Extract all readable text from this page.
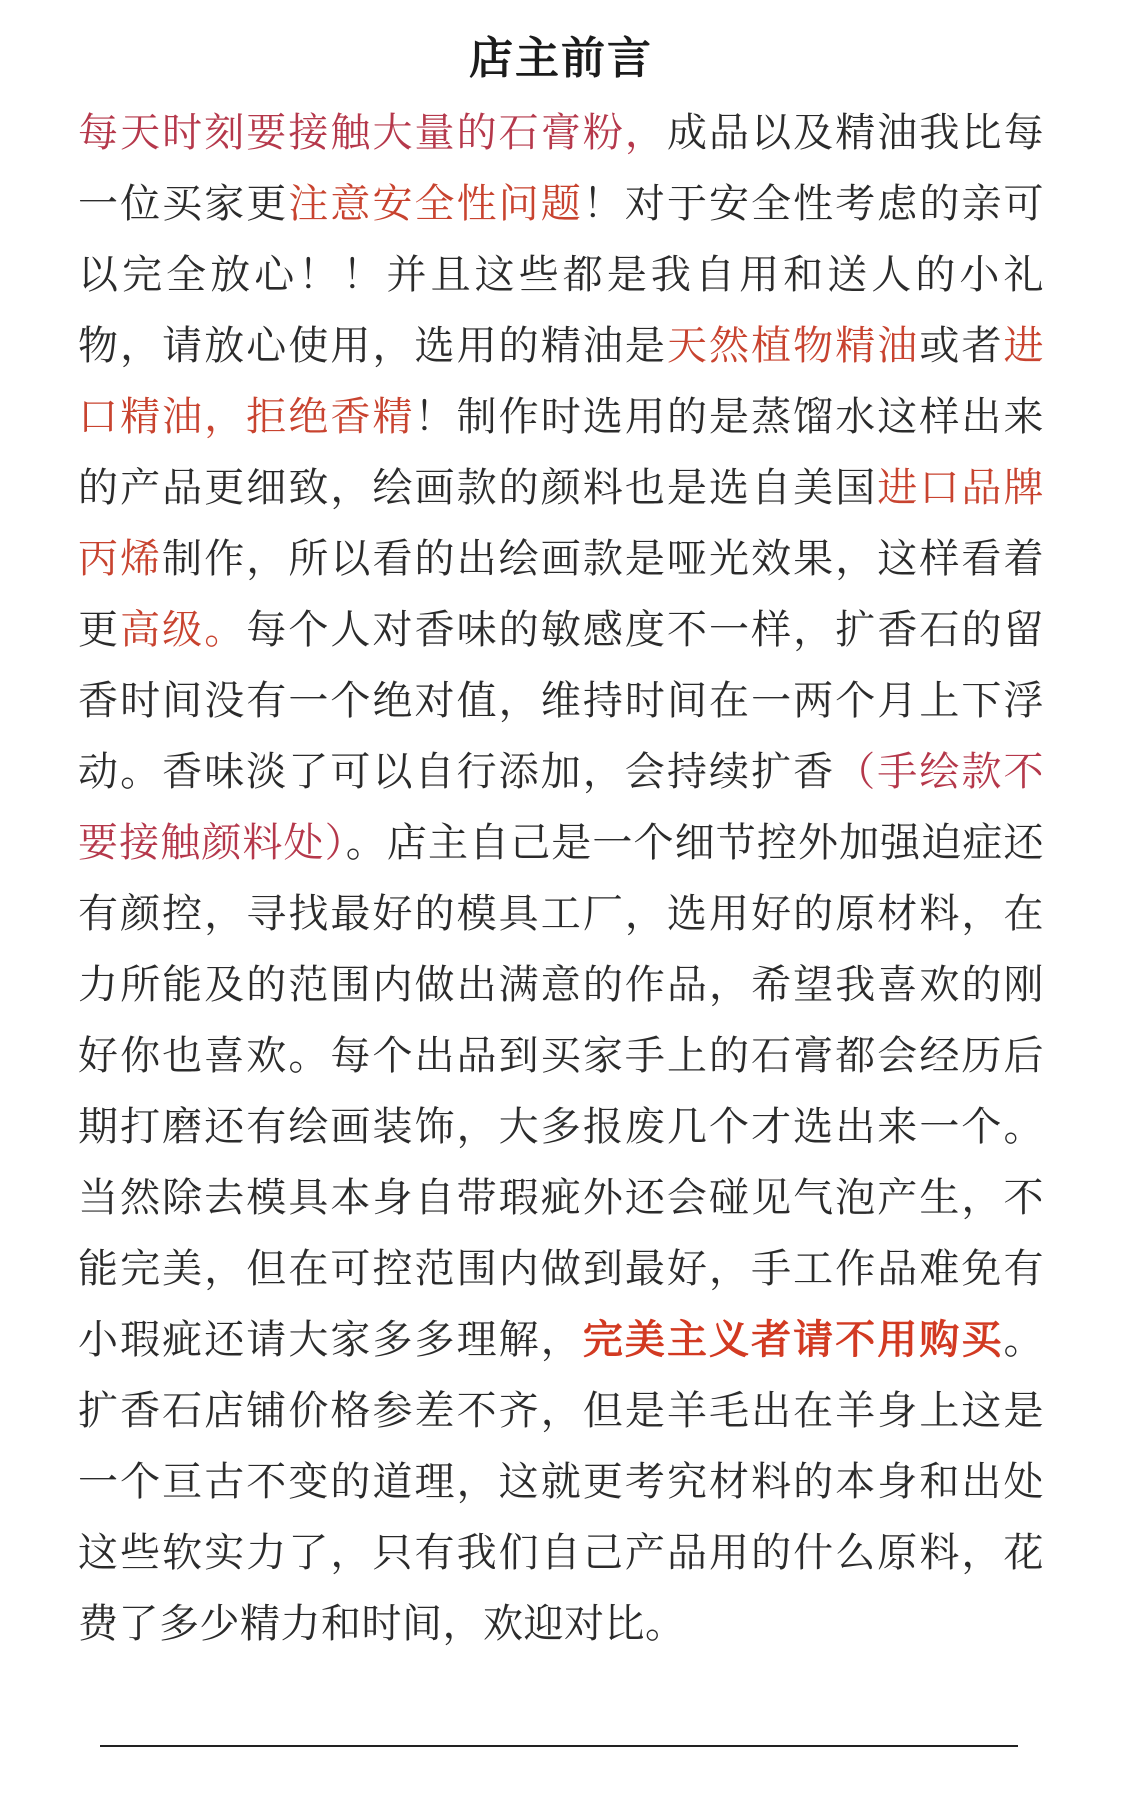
店主前言
每天时刻要接触大量的石膏粉，成品以及精油我比每一位买家更注意安全性问题！对于安全性考虑的亲可以完全放心！！并且这些都是我自用和送人的小礼物，请放心使用，选用的精油是天然植物精油或者进口精油，拒绝香精！制作时选用的是蒸馏水这样出来的产品更细致，绘画款的颜料也是选自美国进口品牌丙烯制作，所以看的出绘画款是哑光效果，这样看着更高级。每个人对香味的敏感度不一样，扩香石的留香时间没有一个绝对值，维持时间在一两个月上下浮动。香味淡了可以自行添加，会持续扩香（手绘款不要接触颜料处）。店主自己是一个细节控外加强迫症还有颜控，寻找最好的模具工厂，选用好的原材料，在力所能及的范围内做出满意的作品，希望我喜欢的刚好你也喜欢。每个出品到买家手上的石膏都会经历后期打磨还有绘画装饰，大多报废几个才选出来一个。当然除去模具本身自带瑕疵外还会碰见气泡产生，不能完美，但在可控范围内做到最好，手工作品难免有小瑕疵还请大家多多理解，完美主义者请不用购买。扩香石店铺价格参差不齐，但是羊毛出在羊身上这是一个亘古不变的道理，这就更考究材料的本身和出处这些软实力了，只有我们自己产品用的什么原料，花费了多少精力和时间，欢迎对比。
